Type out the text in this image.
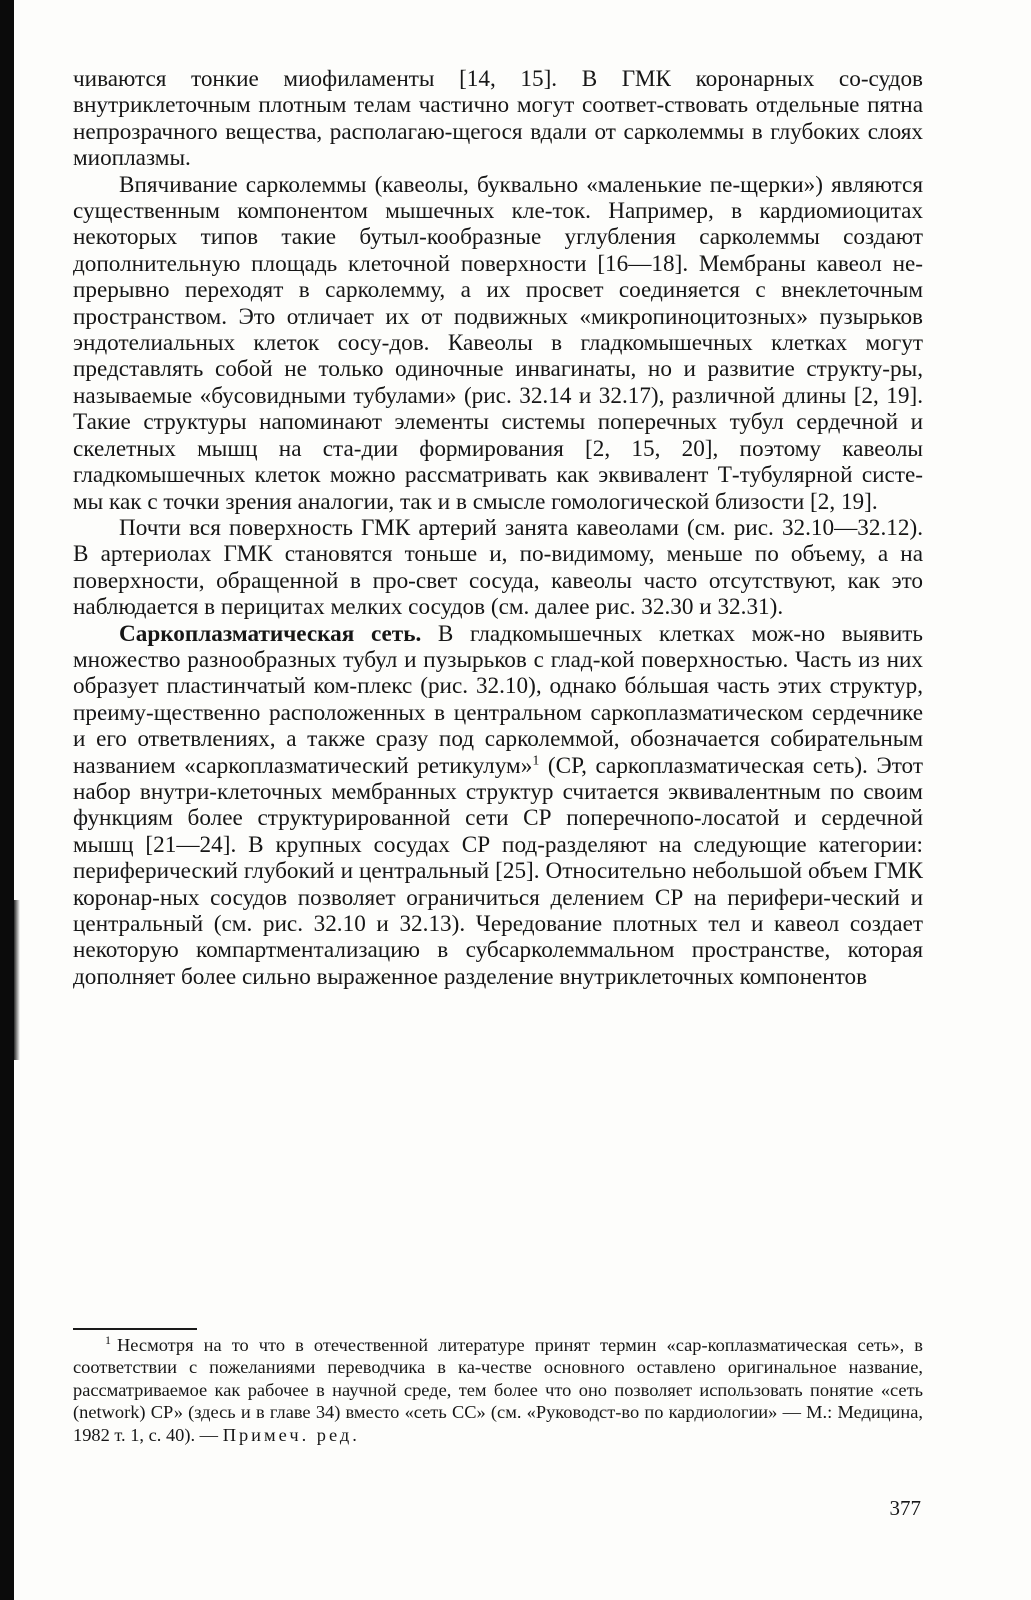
чиваются тонкие миофиламенты [14, 15]. В ГМК коронарных со-судов внутриклеточным плотным телам частично могут соответ-ствовать отдельные пятна непрозрачного вещества, располагаю-щегося вдали от сарколеммы в глубоких слоях миоплазмы.

Впячивание сарколеммы (кавеолы, буквально «маленькие пе-щерки») являются существенным компонентом мышечных кле-ток. Например, в кардиомиоцитах некоторых типов такие бутыл-кообразные углубления сарколеммы создают дополнительную площадь клеточной поверхности [16—18]. Мембраны кавеол не-прерывно переходят в сарколемму, а их просвет соединяется с внеклеточным пространством. Это отличает их от подвижных «микропиноцитозных» пузырьков эндотелиальных клеток сосу-дов. Кавеолы в гладкомышечных клетках могут представлять собой не только одиночные инвагинаты, но и развитие структу-ры, называемые «бусовидными тубулами» (рис. 32.14 и 32.17), различной длины [2, 19]. Такие структуры напоминают элементы системы поперечных тубул сердечной и скелетных мышц на ста-дии формирования [2, 15, 20], поэтому кавеолы гладкомышечных клеток можно рассматривать как эквивалент Т-тубулярной систе-мы как с точки зрения аналогии, так и в смысле гомологической близости [2, 19].

Почти вся поверхность ГМК артерий занята кавеолами (см. рис. 32.10—32.12). В артериолах ГМК становятся тоньше и, по-видимому, меньше по объему, а на поверхности, обращенной в про-свет сосуда, кавеолы часто отсутствуют, как это наблюдается в перицитах мелких сосудов (см. далее рис. 32.30 и 32.31).

Саркоплазматическая сеть. В гладкомышечных клетках мож-но выявить множество разнообразных тубул и пузырьков с глад-кой поверхностью. Часть из них образует пластинчатый ком-плекс (рис. 32.10), однако бóльшая часть этих структур, преиму-щественно расположенных в центральном саркоплазматическом сердечнике и его ответвлениях, а также сразу под сарколеммой, обозначается собирательным названием «саркоплазматический ретикулум»$^1$ (СР, саркоплазматическая сеть). Этот набор внутри-клеточных мембранных структур считается эквивалентным по своим функциям более структурированной сети СР поперечнопо-лосатой и сердечной мышц [21—24]. В крупных сосудах СР под-разделяют на следующие категории: периферический глубокий и центральный [25]. Относительно небольшой объем ГМК коронар-ных сосудов позволяет ограничиться делением СР на перифери-ческий и центральный (см. рис. 32.10 и 32.13). Чередование плотных тел и кавеол создает некоторую компартментализацию в субсарколеммальном пространстве, которая дополняет более сильно выраженное разделение внутриклеточных компонентов

$^1$ Несмотря на то что в отечественной литературе принят термин «сар-коплазматическая сеть», в соответствии с пожеланиями переводчика в ка-честве основного оставлено оригинальное название, рассматриваемое как рабочее в научной среде, тем более что оно позволяет использовать понятие «сеть (network) СР» (здесь и в главе 34) вместо «сеть СС» (см. «Руководст-во по кардиологии» — М.: Медицина, 1982 т. 1, с. 40). — Примеч. ред.

377
